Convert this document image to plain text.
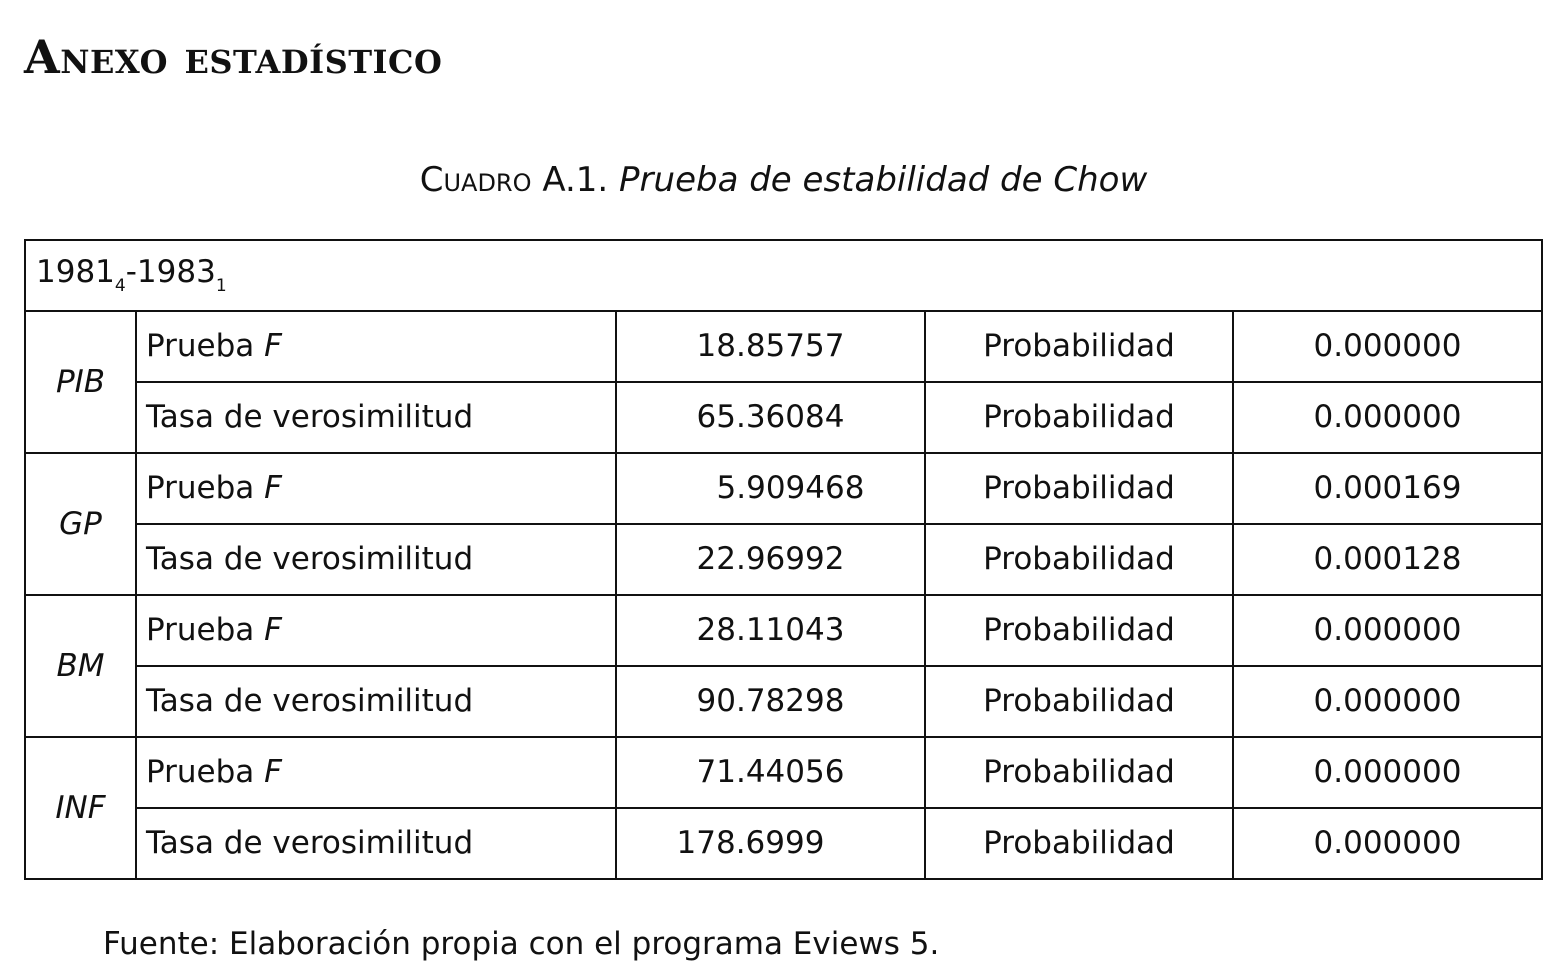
Anexo estadístico
Cuadro A.1. Prueba de estabilidad de Chow
$1981_4-1983_1$
PIB	Prueba F	18.85757	Probabilidad	0.000000
	Tasa de verosimilitud	65.36084	Probabilidad	0.000000
GP	Prueba F	5.909468	Probabilidad	0.000169
	Tasa de verosimilitud	22.96992	Probabilidad	0.000128
BM	Prueba F	28.11043	Probabilidad	0.000000
	Tasa de verosimilitud	90.78298	Probabilidad	0.000000
INF	Prueba F	71.44056	Probabilidad	0.000000
	Tasa de verosimilitud	178.6999	Probabilidad	0.000000
Fuente: Elaboración propia con el programa Eviews 5.
